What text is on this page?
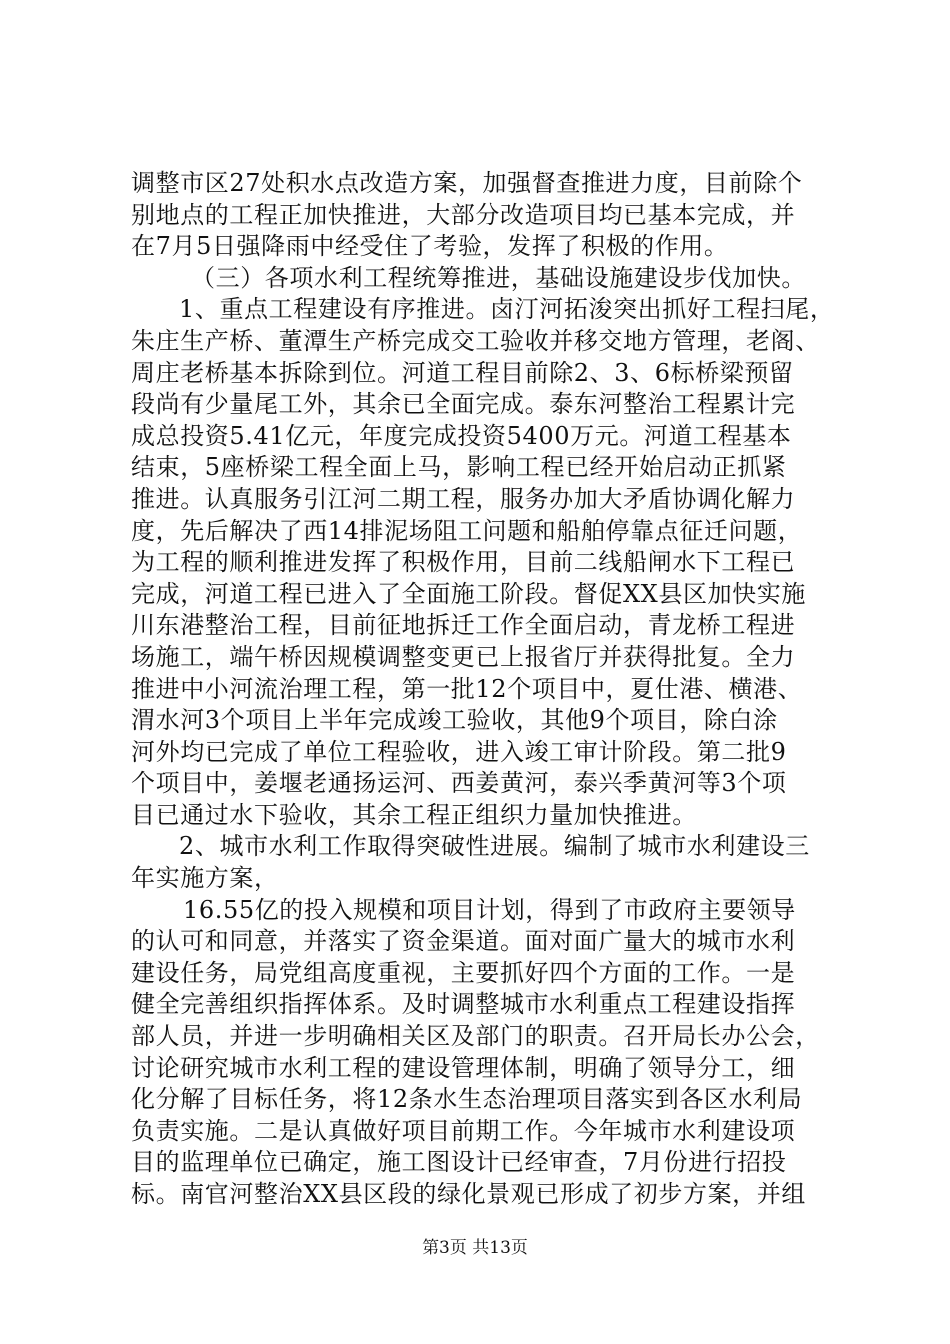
调整市区27处积水点改造方案，加强督查推进力度，目前除个
别地点的工程正加快推进，大部分改造项目均已基本完成，并
在7月5日强降雨中经受住了考验，发挥了积极的作用。
（三）各项水利工程统筹推进，基础设施建设步伐加快。
1、重点工程建设有序推进。卤汀河拓浚突出抓好工程扫尾，
朱庄生产桥、董潭生产桥完成交工验收并移交地方管理，老阁、
周庄老桥基本拆除到位。河道工程目前除2、3、6标桥梁预留
段尚有少量尾工外，其余已全面完成。泰东河整治工程累计完
成总投资5.41亿元，年度完成投资5400万元。河道工程基本
结束，5座桥梁工程全面上马，影响工程已经开始启动正抓紧
推进。认真服务引江河二期工程，服务办加大矛盾协调化解力
度，先后解决了西14排泥场阻工问题和船舶停靠点征迁问题，
为工程的顺利推进发挥了积极作用，目前二线船闸水下工程已
完成，河道工程已进入了全面施工阶段。督促XX县区加快实施
川东港整治工程，目前征地拆迁工作全面启动，青龙桥工程进
场施工，端午桥因规模调整变更已上报省厅并获得批复。全力
推进中小河流治理工程，第一批12个项目中，夏仕港、横港、
渭水河3个项目上半年完成竣工验收，其他9个项目，除白涂
河外均已完成了单位工程验收，进入竣工审计阶段。第二批9
个项目中，姜堰老通扬运河、西姜黄河，泰兴季黄河等3个项
目已通过水下验收，其余工程正组织力量加快推进。
2、城市水利工作取得突破性进展。编制了城市水利建设三
年实施方案，
16.55亿的投入规模和项目计划，得到了市政府主要领导
的认可和同意，并落实了资金渠道。面对面广量大的城市水利
建设任务，局党组高度重视，主要抓好四个方面的工作。一是
健全完善组织指挥体系。及时调整城市水利重点工程建设指挥
部人员，并进一步明确相关区及部门的职责。召开局长办公会，
讨论研究城市水利工程的建设管理体制，明确了领导分工，细
化分解了目标任务，将12条水生态治理项目落实到各区水利局
负责实施。二是认真做好项目前期工作。今年城市水利建设项
目的监理单位已确定，施工图设计已经审查，7月份进行招投
标。南官河整治XX县区段的绿化景观已形成了初步方案，并组
第3页 共13页
